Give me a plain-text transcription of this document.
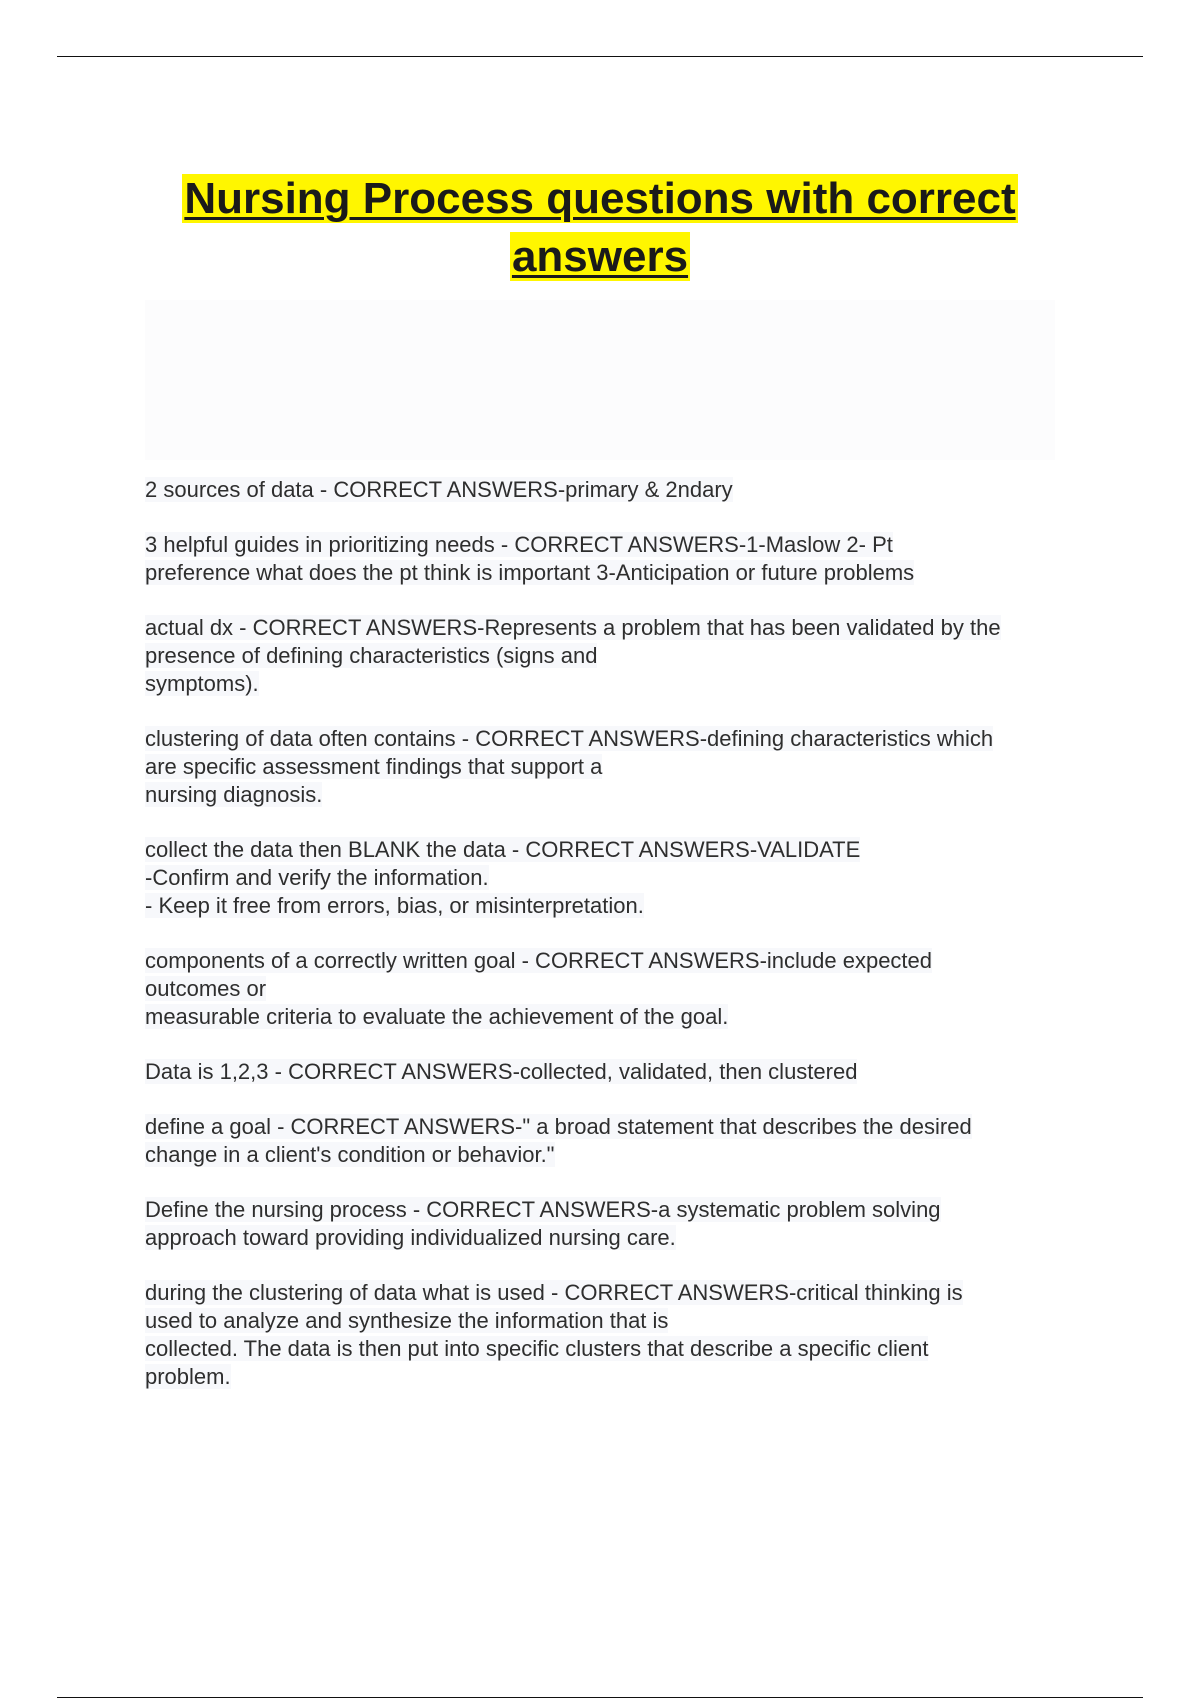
Nursing Process questions with correct
answers
2 sources of data - CORRECT ANSWERS-primary & 2ndary
3 helpful guides in prioritizing needs - CORRECT ANSWERS-1-Maslow 2- Pt
preference what does the pt think is important 3-Anticipation or future problems
actual dx - CORRECT ANSWERS-Represents a problem that has been validated by the
presence of defining characteristics (signs and
symptoms).
clustering of data often contains - CORRECT ANSWERS-defining characteristics which
are specific assessment findings that support a
nursing diagnosis.
collect the data then BLANK the data - CORRECT ANSWERS-VALIDATE
-Confirm and verify the information.
- Keep it free from errors, bias, or misinterpretation.
components of a correctly written goal - CORRECT ANSWERS-include expected
outcomes or
measurable criteria to evaluate the achievement of the goal.
Data is 1,2,3 - CORRECT ANSWERS-collected, validated, then clustered
define a goal - CORRECT ANSWERS-" a broad statement that describes the desired
change in a client's condition or behavior."
Define the nursing process - CORRECT ANSWERS-a systematic problem solving
approach toward providing individualized nursing care.
during the clustering of data what is used - CORRECT ANSWERS-critical thinking is
used to analyze and synthesize the information that is
collected. The data is then put into specific clusters that describe a specific client
problem.
